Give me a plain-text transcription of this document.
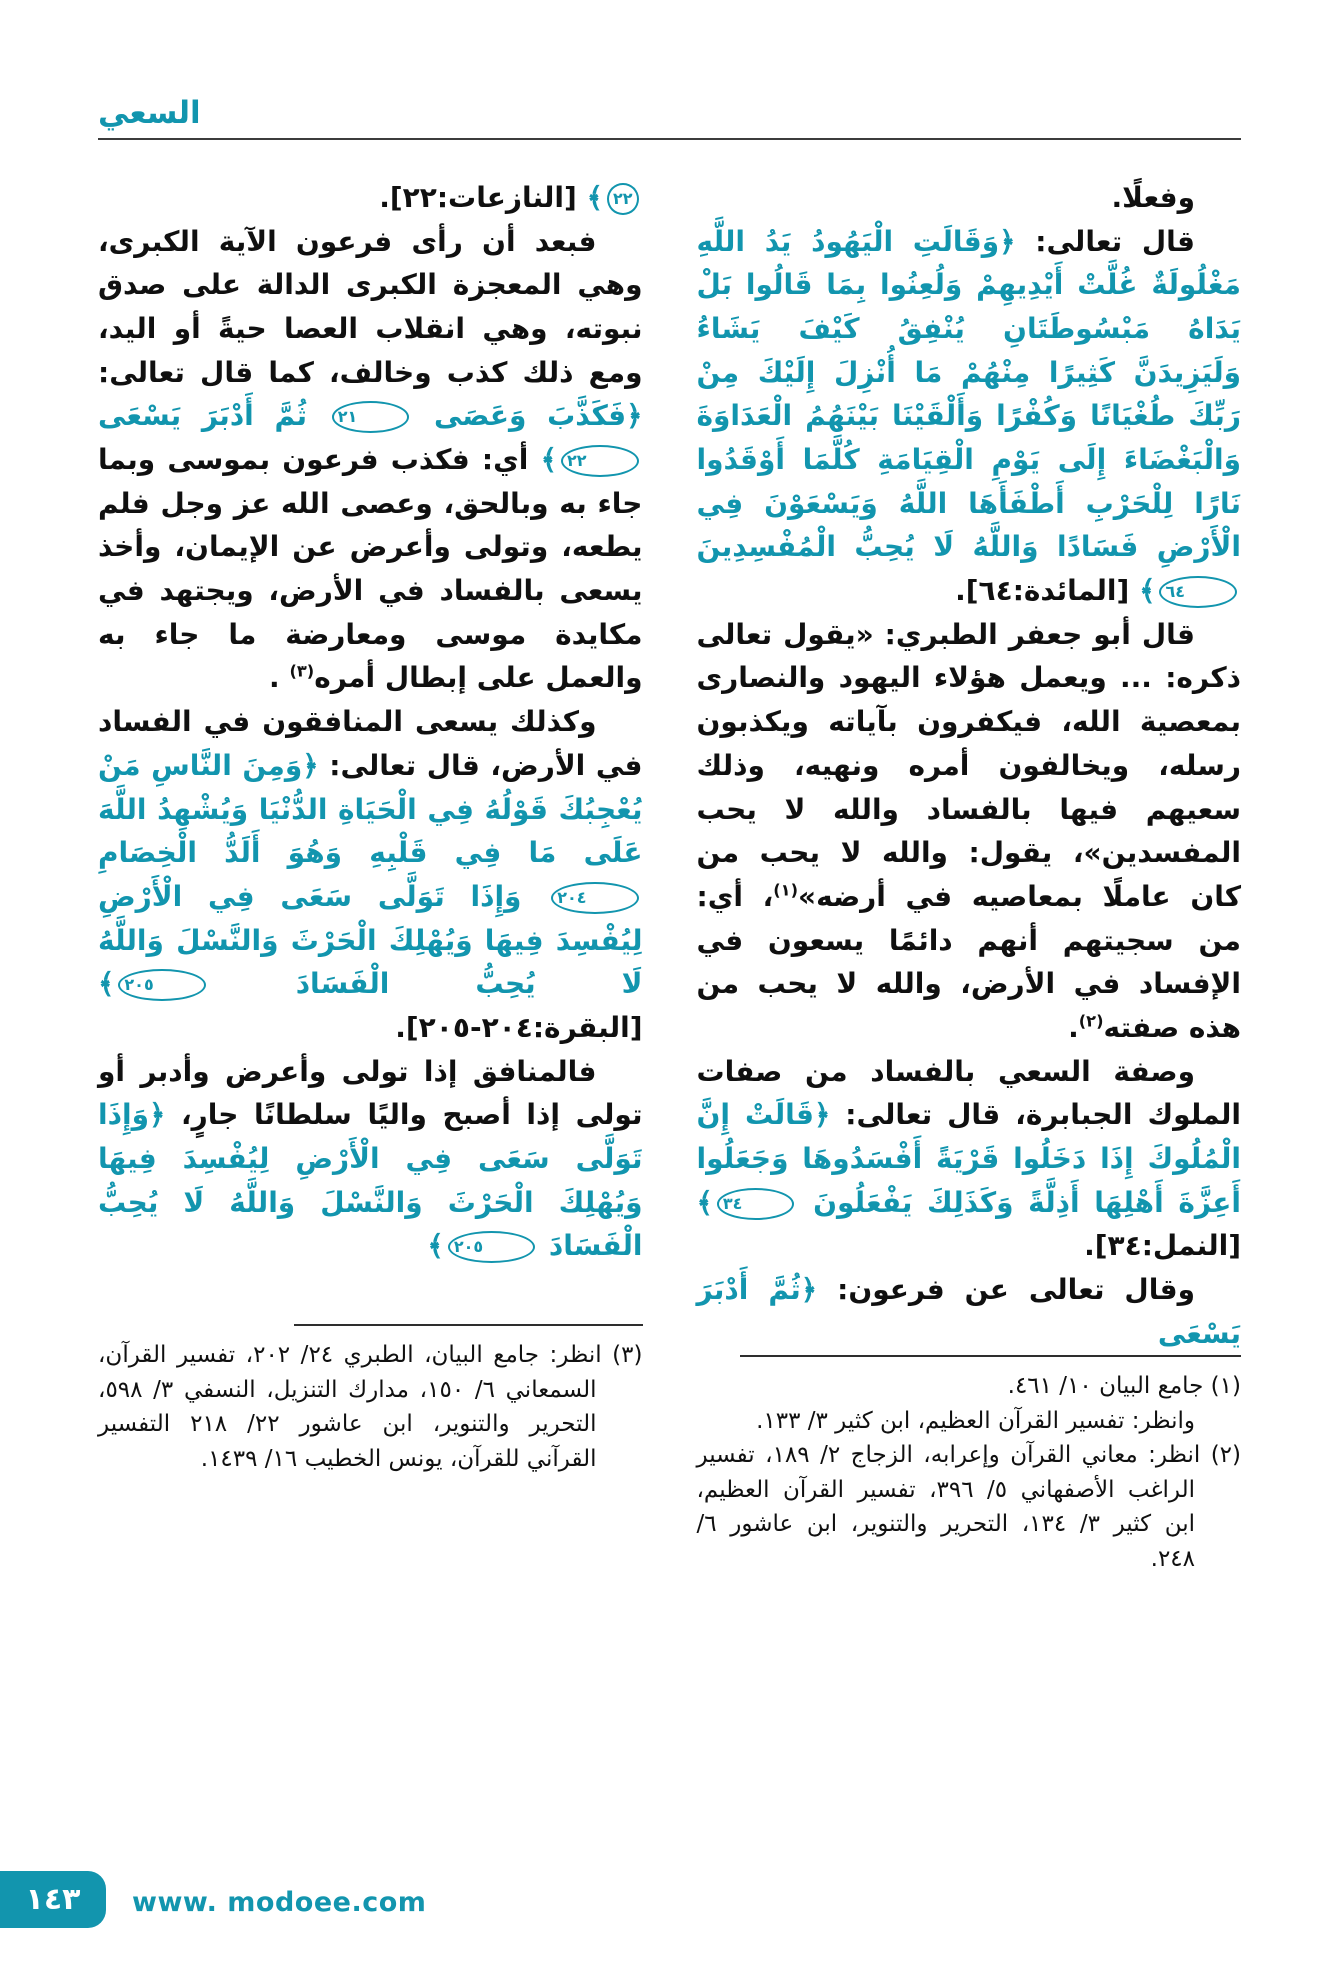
السعي

وفعلًا.

قال تعالى: ﴿وَقَالَتِ الْيَهُودُ يَدُ اللَّهِ مَغْلُولَةٌ غُلَّتْ أَيْدِيهِمْ وَلُعِنُوا بِمَا قَالُوا بَلْ يَدَاهُ مَبْسُوطَتَانِ يُنْفِقُ كَيْفَ يَشَاءُ وَلَيَزِيدَنَّ كَثِيرًا مِنْهُمْ مَا أُنْزِلَ إِلَيْكَ مِنْ رَبِّكَ طُغْيَانًا وَكُفْرًا وَأَلْقَيْنَا بَيْنَهُمُ الْعَدَاوَةَ وَالْبَغْضَاءَ إِلَى يَوْمِ الْقِيَامَةِ كُلَّمَا أَوْقَدُوا نَارًا لِلْحَرْبِ أَطْفَأَهَا اللَّهُ وَيَسْعَوْنَ فِي الْأَرْضِ فَسَادًا وَاللَّهُ لَا يُحِبُّ الْمُفْسِدِينَ ٦٤﴾ [المائدة:٦٤].

قال أبو جعفر الطبري: «يقول تعالى ذكره: ... ويعمل هؤلاء اليهود والنصارى بمعصية الله، فيكفرون بآياته ويكذبون رسله، ويخالفون أمره ونهيه، وذلك سعيهم فيها بالفساد والله لا يحب المفسدين»، يقول: والله لا يحب من كان عاملًا بمعاصيه في أرضه»$^{(١)}$، أي: من سجيتهم أنهم دائمًا يسعون في الإفساد في الأرض، والله لا يحب من هذه صفته$^{(٢)}$.

وصفة السعي بالفساد من صفات الملوك الجبابرة، قال تعالى: ﴿قَالَتْ إِنَّ الْمُلُوكَ إِذَا دَخَلُوا قَرْيَةً أَفْسَدُوهَا وَجَعَلُوا أَعِزَّةَ أَهْلِهَا أَذِلَّةً وَكَذَلِكَ يَفْعَلُونَ ٣٤﴾ [النمل:٣٤].

وقال تعالى عن فرعون: ﴿ثُمَّ أَدْبَرَ يَسْعَى

(١) جامع البيان ١٠/ ٤٦١.

وانظر: تفسير القرآن العظيم، ابن كثير ٣/ ١٣٣.

(٢) انظر: معاني القرآن وإعرابه، الزجاج ٢/ ١٨٩، تفسير الراغب الأصفهاني ٥/ ٣٩٦، تفسير القرآن العظيم، ابن كثير ٣/ ١٣٤، التحرير والتنوير، ابن عاشور ٦/ ٢٤٨.

٢٢﴾ [النازعات:٢٢].

فبعد أن رأى فرعون الآية الكبرى، وهي المعجزة الكبرى الدالة على صدق نبوته، وهي انقلاب العصا حيةً أو اليد، ومع ذلك كذب وخالف، كما قال تعالى: ﴿فَكَذَّبَ وَعَصَى ٢١ ثُمَّ أَدْبَرَ يَسْعَى ٢٢﴾ أي: فكذب فرعون بموسى وبما جاء به وبالحق، وعصى الله عز وجل فلم يطعه، وتولى وأعرض عن الإيمان، وأخذ يسعى بالفساد في الأرض، ويجتهد في مكايدة موسى ومعارضة ما جاء به والعمل على إبطال أمره$^{(٣)}$ .

وكذلك يسعى المنافقون في الفساد في الأرض، قال تعالى: ﴿وَمِنَ النَّاسِ مَنْ يُعْجِبُكَ قَوْلُهُ فِي الْحَيَاةِ الدُّنْيَا وَيُشْهِدُ اللَّهَ عَلَى مَا فِي قَلْبِهِ وَهُوَ أَلَدُّ الْخِصَامِ ٢٠٤ وَإِذَا تَوَلَّى سَعَى فِي الْأَرْضِ لِيُفْسِدَ فِيهَا وَيُهْلِكَ الْحَرْثَ وَالنَّسْلَ وَاللَّهُ لَا يُحِبُّ الْفَسَادَ ٢٠٥﴾ [البقرة:٢٠٤-٢٠٥].

فالمنافق إذا تولى وأعرض وأدبر أو تولى إذا أصبح واليًا سلطانًا جارٍ، ﴿وَإِذَا تَوَلَّى سَعَى فِي الْأَرْضِ لِيُفْسِدَ فِيهَا وَيُهْلِكَ الْحَرْثَ وَالنَّسْلَ وَاللَّهُ لَا يُحِبُّ الْفَسَادَ ٢٠٥﴾

(٣) انظر: جامع البيان، الطبري ٢٤/ ٢٠٢، تفسير القرآن، السمعاني ٦/ ١٥٠، مدارك التنزيل، النسفي ٣/ ٥٩٨، التحرير والتنوير، ابن عاشور ٢٢/ ٢١٨ التفسير القرآني للقرآن، يونس الخطيب ١٦/ ١٤٣٩.

١٤٣ www. modoee.com
